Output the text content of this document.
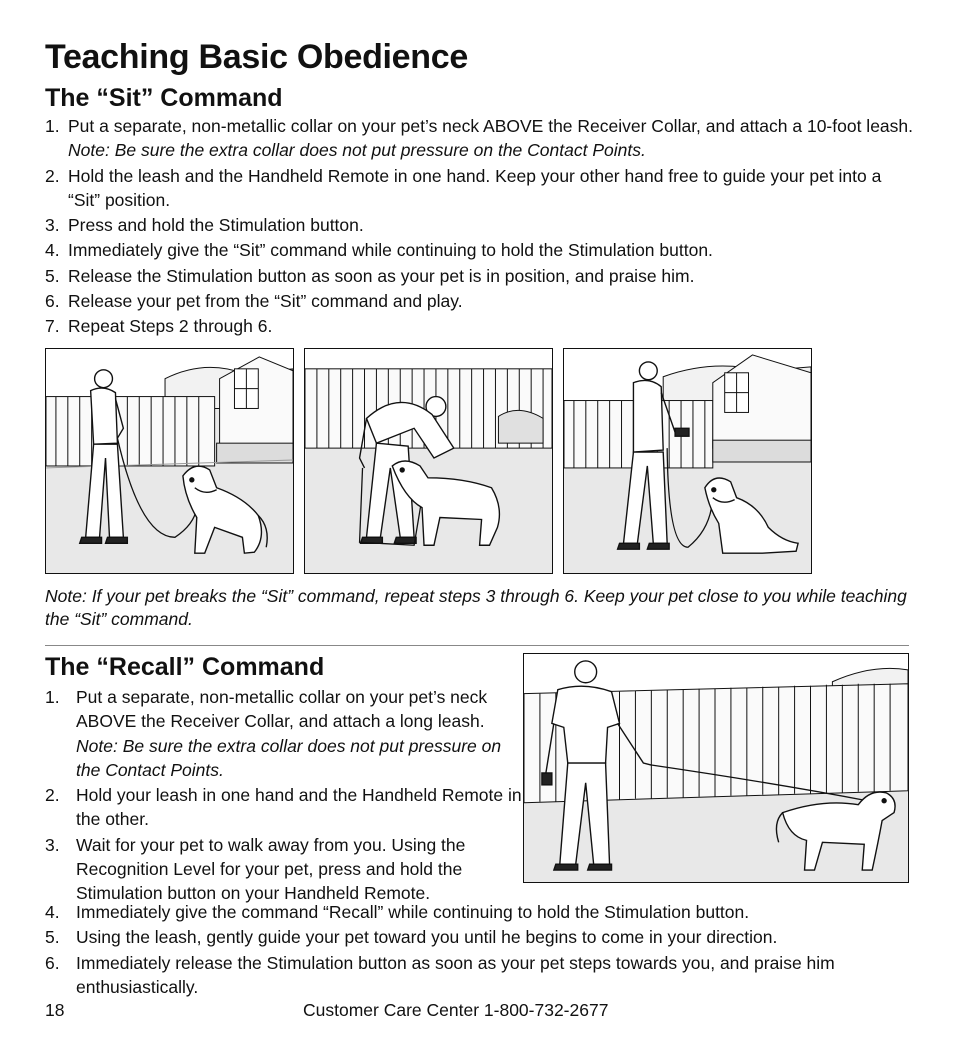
Teaching Basic Obedience
The “Sit” Command
1. Put a separate, non-metallic collar on your pet’s neck ABOVE the Receiver Collar, and attach a 10-foot leash. Note: Be sure the extra collar does not put pressure on the Contact Points.
2. Hold the leash and the Handheld Remote in one hand. Keep your other hand free to guide your pet into a “Sit” position.
3. Press and hold the Stimulation button.
4. Immediately give the “Sit” command while continuing to hold the Stimulation button.
5. Release the Stimulation button as soon as your pet is in position, and praise him.
6. Release your pet from the “Sit” command and play.
7. Repeat Steps 2 through 6.

Note: If your pet breaks the “Sit” command, repeat steps 3 through 6. Keep your pet close to you while teaching the “Sit” command.

The “Recall” Command
1. Put a separate, non-metallic collar on your pet’s neck ABOVE the Receiver Collar, and attach a long leash. Note: Be sure the extra collar does not put pressure on the Contact Points.
2. Hold your leash in one hand and the Handheld Remote in the other.
3. Wait for your pet to walk away from you. Using the Recognition Level for your pet, press and hold the Stimulation button on your Handheld Remote.
4. Immediately give the command “Recall” while continuing to hold the Stimulation button.
5. Using the leash, gently guide your pet toward you until he begins to come in your direction.
6. Immediately release the Stimulation button as soon as your pet steps towards you, and praise him enthusiastically.
18	Customer Care Center 1-800-732-2677
